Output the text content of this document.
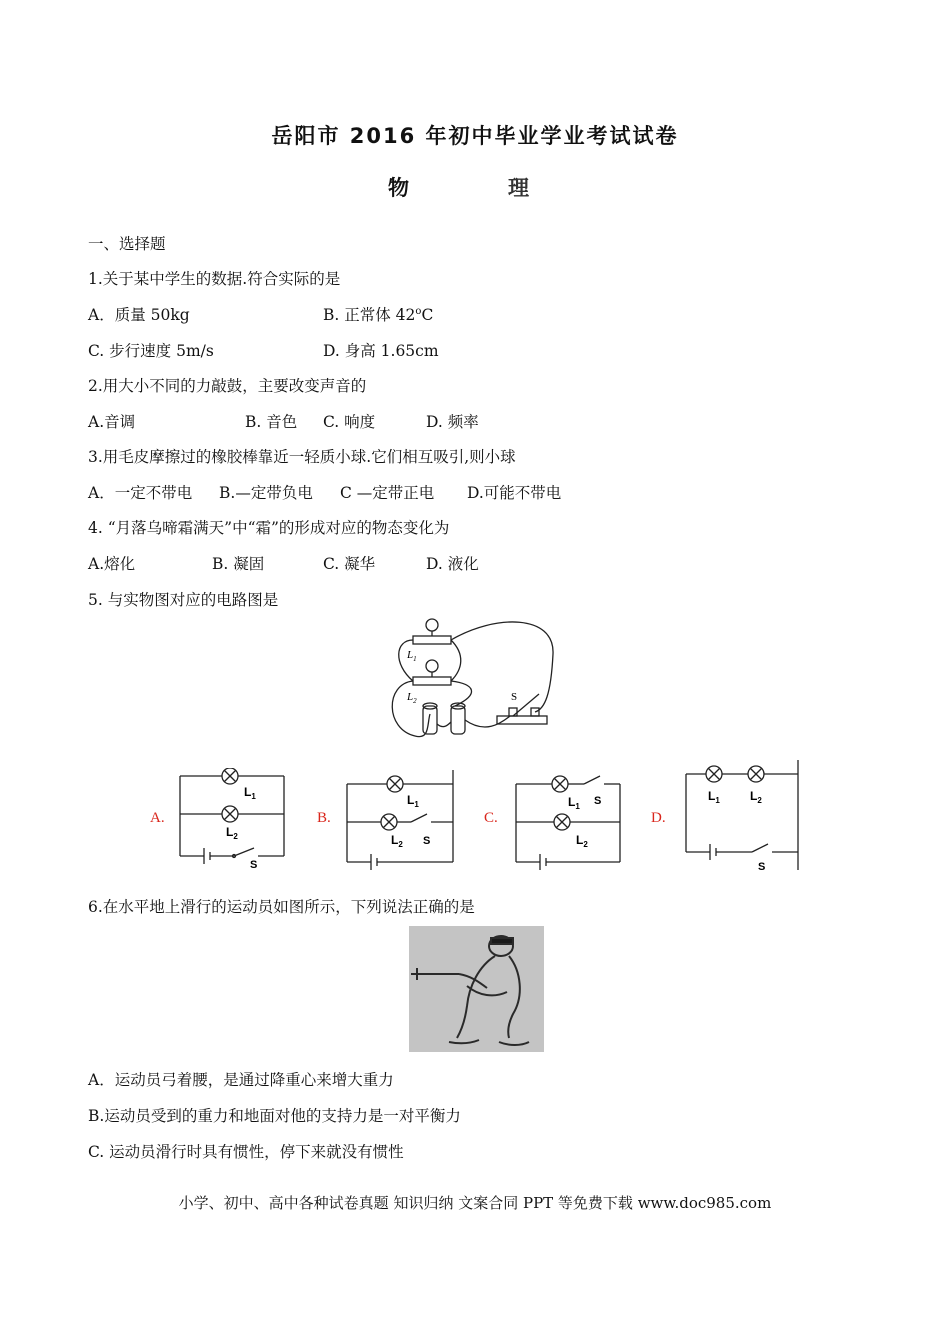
岳阳市 2016 年初中毕业学业考试试卷
物	理
一、选择题
1.关于某中学生的数据.符合实际的是
A．质量 50kg	B. 正常体 42$^o$C
C. 步行速度 5m/s	D. 身高 1.65cm
2.用大小不同的力敲鼓，主要改变声音的
A.音调	B. 音色 C. 响度	D. 频率
3.用毛皮摩擦过的橡胶棒靠近一轻质小球.它们相互吸引,则小球
A．一定不带电 B.—定带负电 C —定带正电 D.可能不带电
4. “月落乌啼霜满天”中“霜”的形成对应的物态变化为
A.熔化	B. 凝固	C. 凝华	D. 液化
5. 与实物图对应的电路图是
$L_1$
$L_2$	S
A.	B.	C.	D.
$L_1$
$L_2$
S
$L_1$
$L_2$ S
$L_1$ S
$L_2$
$L_1$	$L_2$
S
6.在水平地上滑行的运动员如图所示，下列说法正确的是
A．运动员弓着腰，是通过降重心来增大重力
B.运动员受到的重力和地面对他的支持力是一对平衡力
C. 运动员滑行时具有惯性，停下来就没有惯性
小学、初中、高中各种试卷真题 知识归纳 文案合同 PPT 等免费下载 www.doc985.com
